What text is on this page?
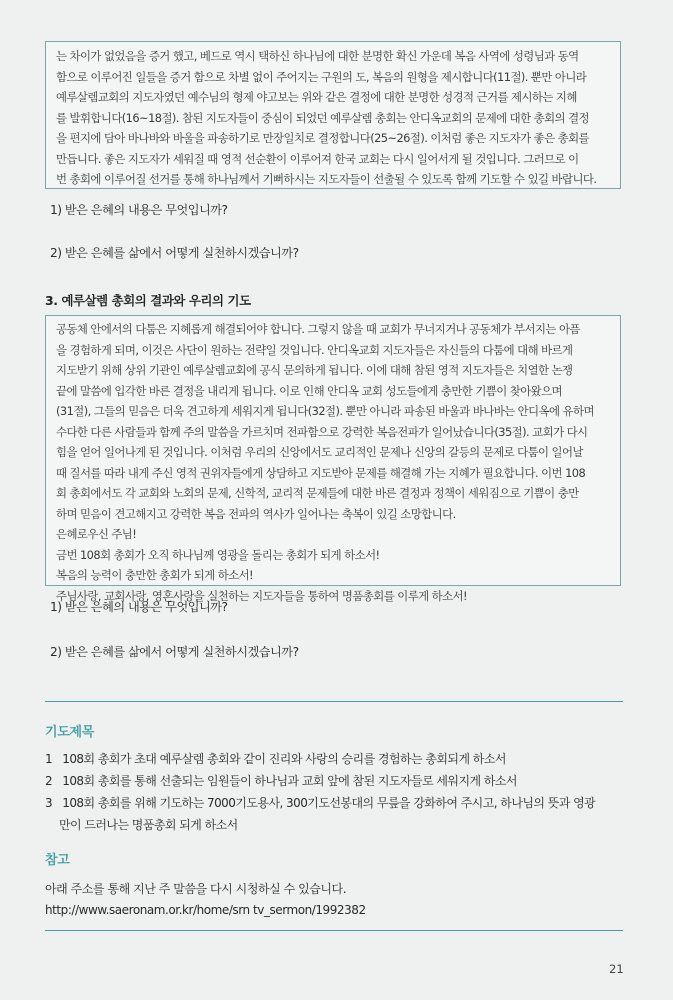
는 차이가 없었음을 증거 했고, 베드로 역시 택하신 하나님에 대한 분명한 확신 가운데 복음 사역에 성령님과 동역

함으로 이루어진 일들을 증거 함으로 차별 없이 주어지는 구원의 도, 복음의 원형을 제시합니다(11절). 뿐만 아니라

예루살렘교회의 지도자였던 예수님의 형제 야고보는 위와 같은 결정에 대한 분명한 성경적 근거를 제시하는 지혜

를 발휘합니다(16~18절). 참된 지도자들이 중심이 되었던 예루살렘 총회는 안디옥교회의 문제에 대한 총회의 결정

을 편지에 담아 바나바와 바울을 파송하기로 만장일치로 결정합니다(25~26절). 이처럼 좋은 지도자가 좋은 총회를

만듭니다. 좋은 지도자가 세워질 때 영적 선순환이 이루어져 한국 교회는 다시 일어서게 될 것입니다. 그러므로 이

번 총회에 이루어질 선거를 통해 하나님께서 기뻐하시는 지도자들이 선출될 수 있도록 함께 기도할 수 있길 바랍니다.

1) 받은 은혜의 내용은 무엇입니까?
2) 받은 은혜를 삶에서 어떻게 실천하시겠습니까?
3. 예루살렘 총회의 결과와 우리의 기도

공동체 안에서의 다툼은 지혜롭게 해결되어야 합니다. 그렇지 않을 때 교회가 무너지거나 공동체가 부서지는 아픔

을 경험하게 되며, 이것은 사단이 원하는 전략일 것입니다. 안디옥교회 지도자들은 자신들의 다툼에 대해 바르게

지도받기 위해 상위 기관인 예루살렘교회에 공식 문의하게 됩니다. 이에 대해 참된 영적 지도자들은 치열한 논쟁

끝에 말씀에 입각한 바른 결정을 내리게 됩니다. 이로 인해 안디옥 교회 성도들에게 충만한 기쁨이 찾아왔으며

(31절), 그들의 믿음은 더욱 견고하게 세워지게 됩니다(32절). 뿐만 아니라 파송된 바울과 바나바는 안디옥에 유하며

수다한 다른 사람들과 함께 주의 말씀을 가르치며 전파함으로 강력한 복음전파가 일어났습니다(35절). 교회가 다시

힘을 얻어 일어나게 된 것입니다. 이처럼 우리의 신앙에서도 교리적인 문제나 신앙의 갈등의 문제로 다툼이 일어날

때 질서를 따라 내게 주신 영적 권위자들에게 상담하고 지도받아 문제를 해결해 가는 지혜가 필요합니다. 이번 108

회 총회에서도 각 교회와 노회의 문제, 신학적, 교리적 문제들에 대한 바른 결정과 정책이 세워짐으로 기쁨이 충만

하며 믿음이 견고해지고 강력한 복음 전파의 역사가 일어나는 축복이 있길 소망합니다.

은혜로우신 주님!

금번 108회 총회가 오직 하나님께 영광을 돌리는 총회가 되게 하소서!

복음의 능력이 충만한 총회가 되게 하소서!

주님사랑, 교회사랑, 영혼사랑을 실천하는 지도자들을 통하여 명품총회를 이루게 하소서!

1) 받은 은혜의 내용은 무엇입니까?
2) 받은 은혜를 삶에서 어떻게 실천하시겠습니까?
기도제목
1 108회 총회가 초대 예루살렘 총회와 같이 진리와 사랑의 승리를 경험하는 총회되게 하소서
2 108회 총회를 통해 선출되는 임원들이 하나님과 교회 앞에 참된 지도자들로 세워지게 하소서
3 108회 총회를 위해 기도하는 7000기도용사, 300기도선봉대의 무릎을 강화하여 주시고, 하나님의 뜻과 영광
만이 드러나는 명품총회 되게 하소서
참고
아래 주소를 통해 지난 주 말씀을 다시 시청하실 수 있습니다.
http://www.saeronam.or.kr/home/srn tv_sermon/1992382
21
